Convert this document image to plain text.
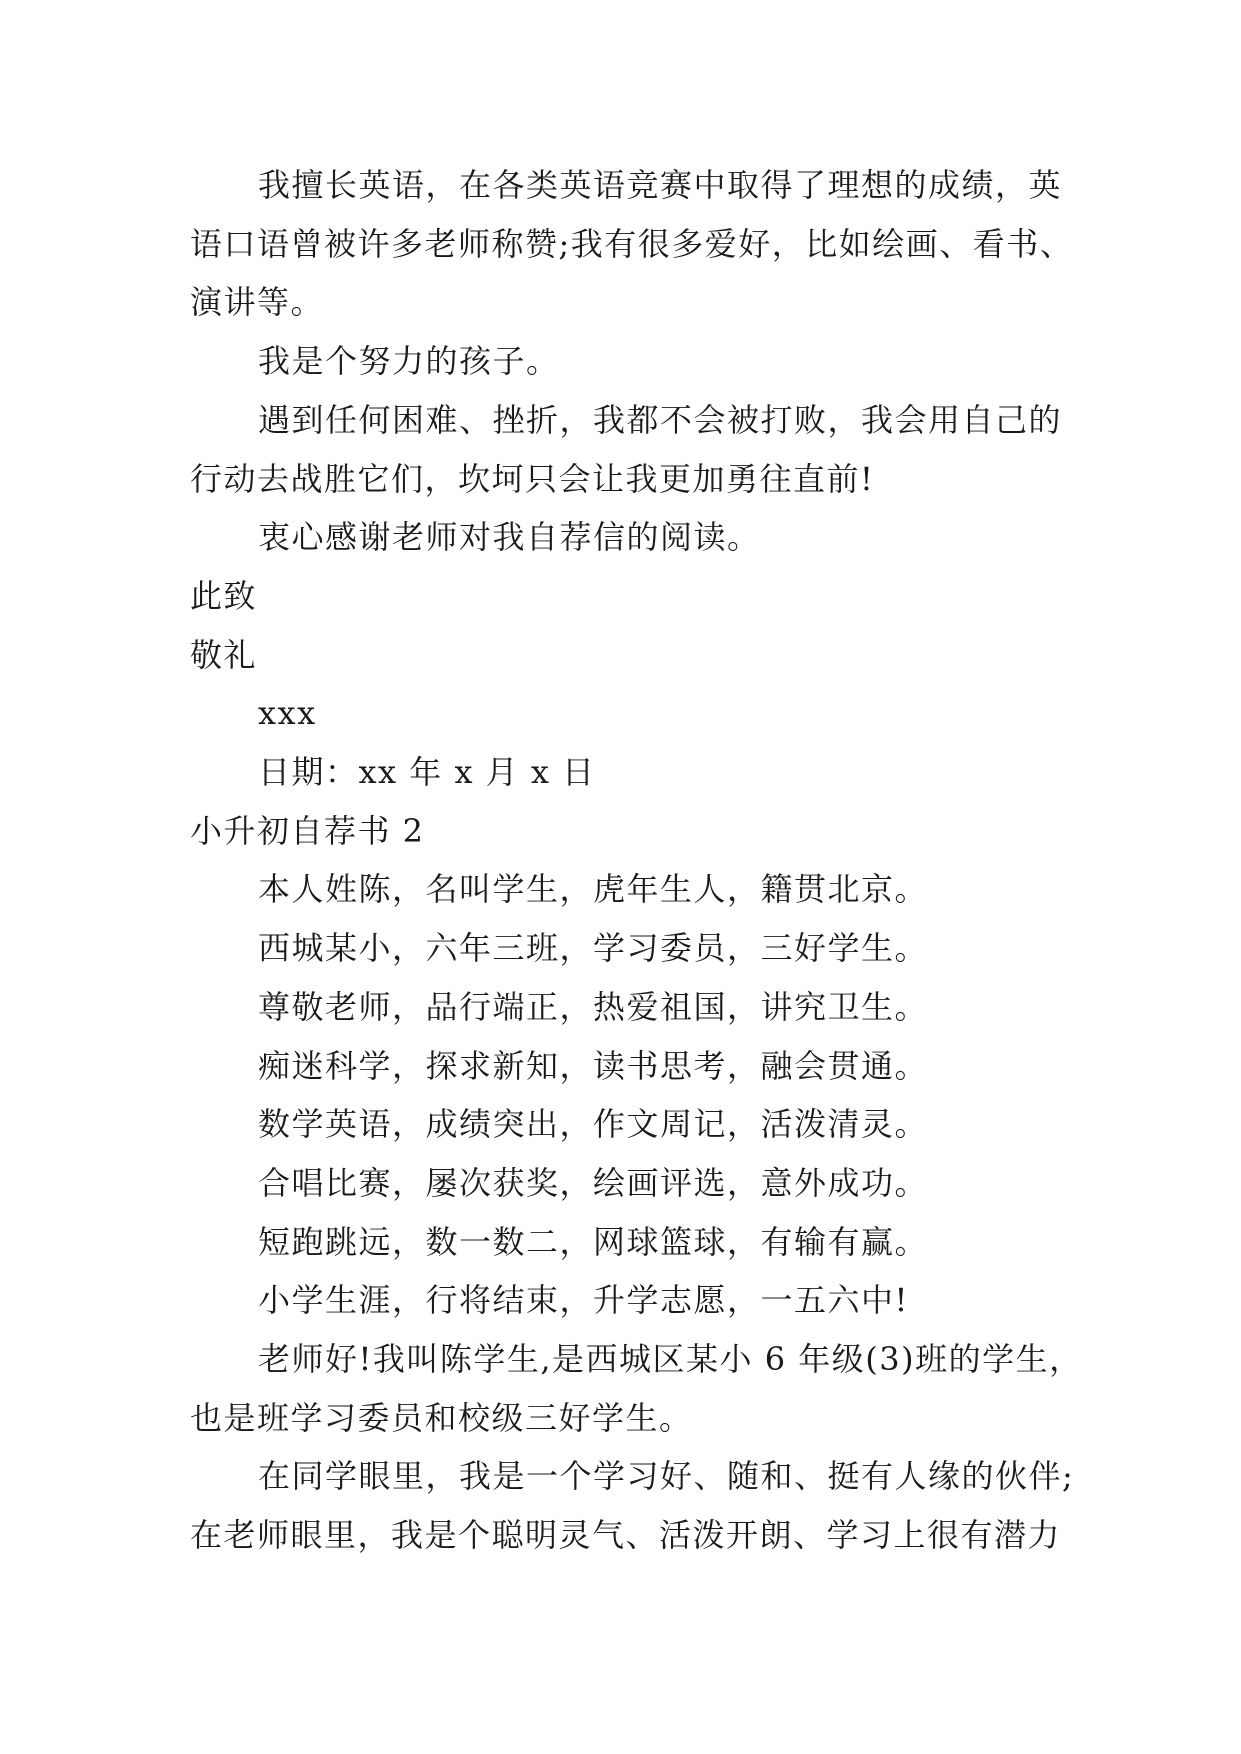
我擅长英语，在各类英语竞赛中取得了理想的成绩，英
语口语曾被许多老师称赞;我有很多爱好，比如绘画、看书、
演讲等。
我是个努力的孩子。
遇到任何困难、挫折，我都不会被打败，我会用自己的
行动去战胜它们，坎坷只会让我更加勇往直前!
衷心感谢老师对我自荐信的阅读。
此致
敬礼
xxx
日期：xx 年 x 月 x 日
小升初自荐书 2
本人姓陈，名叫学生，虎年生人，籍贯北京。
西城某小，六年三班，学习委员，三好学生。
尊敬老师，品行端正，热爱祖国，讲究卫生。
痴迷科学，探求新知，读书思考，融会贯通。
数学英语，成绩突出，作文周记，活泼清灵。
合唱比赛，屡次获奖，绘画评选，意外成功。
短跑跳远，数一数二，网球篮球，有输有赢。
小学生涯，行将结束，升学志愿，一五六中!
老师好!我叫陈学生,是西城区某小 6 年级(3)班的学生，
也是班学习委员和校级三好学生。
在同学眼里，我是一个学习好、随和、挺有人缘的伙伴;
在老师眼里，我是个聪明灵气、活泼开朗、学习上很有潜力
